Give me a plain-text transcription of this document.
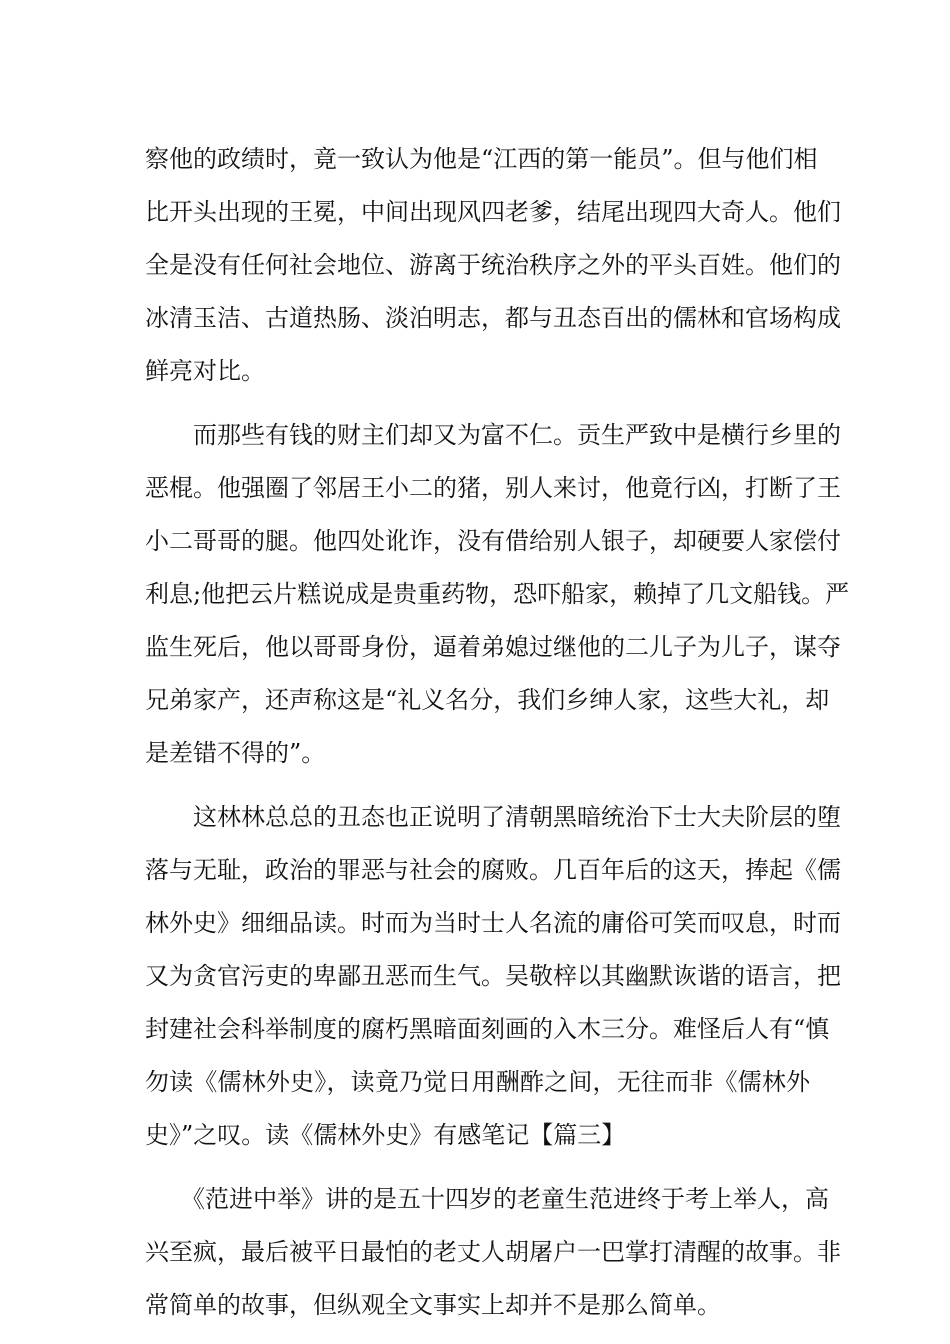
察他的政绩时，竟一致认为他是“江西的第一能员”。但与他们相
比开头出现的王冕，中间出现风四老爹，结尾出现四大奇人。他们
全是没有任何社会地位、游离于统治秩序之外的平头百姓。他们的
冰清玉洁、古道热肠、淡泊明志，都与丑态百出的儒林和官场构成
鲜亮对比。
　　而那些有钱的财主们却又为富不仁。贡生严致中是横行乡里的
恶棍。他强圈了邻居王小二的猪，别人来讨，他竟行凶，打断了王
小二哥哥的腿。他四处讹诈，没有借给别人银子，却硬要人家偿付
利息;他把云片糕说成是贵重药物，恐吓船家，赖掉了几文船钱。严
监生死后，他以哥哥身份，逼着弟媳过继他的二儿子为儿子，谋夺
兄弟家产，还声称这是“礼义名分，我们乡绅人家，这些大礼，却
是差错不得的”。
　　这林林总总的丑态也正说明了清朝黑暗统治下士大夫阶层的堕
落与无耻，政治的罪恶与社会的腐败。几百年后的这天，捧起《儒
林外史》细细品读。时而为当时士人名流的庸俗可笑而叹息，时而
又为贪官污吏的卑鄙丑恶而生气。吴敬梓以其幽默诙谐的语言，把
封建社会科举制度的腐朽黑暗面刻画的入木三分。难怪后人有“慎
勿读《儒林外史》，读竟乃觉日用酬酢之间，无往而非《儒林外
史》”之叹。读《儒林外史》有感笔记【篇三】
　　《范进中举》讲的是五十四岁的老童生范进终于考上举人，高
兴至疯，最后被平日最怕的老丈人胡屠户一巴掌打清醒的故事。非
常简单的故事，但纵观全文事实上却并不是那么简单。
